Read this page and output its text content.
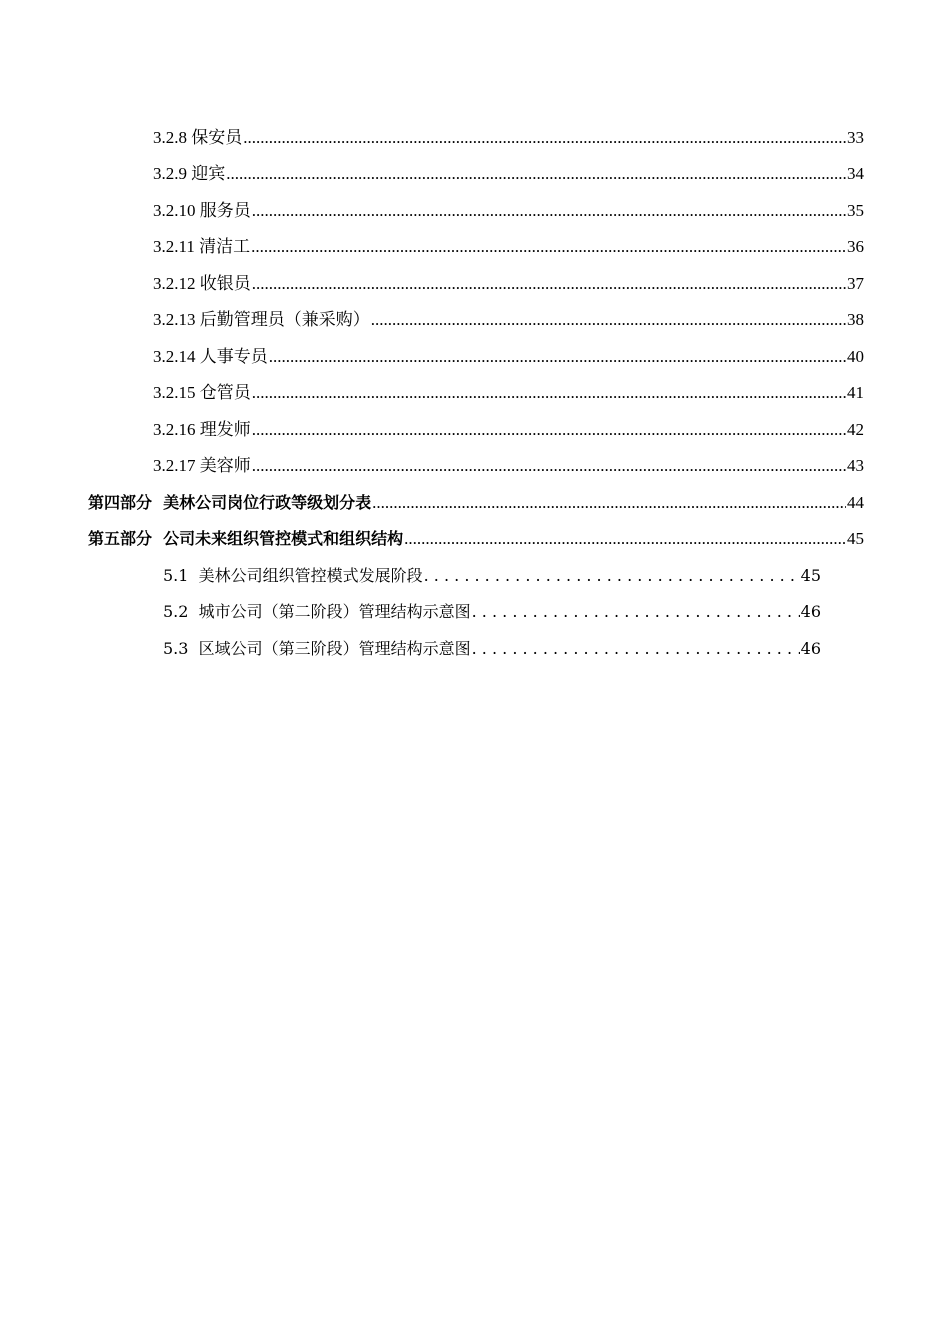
3.2.8 保安员 .....	33
3.2.9 迎宾 .....	34
3.2.10 服务员 .....	35
3.2.11 清洁工 .....	36
3.2.12 收银员 .....	37
3.2.13 后勤管理员（兼采购） .....	38
3.2.14 人事专员 .....	40
3.2.15 仓管员 .....	41
3.2.16 理发师 .....	42
3.2.17 美容师 .....	43
第四部分  美林公司岗位行政等级划分表 .....	44
第五部分  公司未来组织管控模式和组织结构 .....	45
5.1  美林公司组织管控模式发展阶段 . . .	45
5.2  城市公司（第二阶段）管理结构示意图 . . .	46
5.3  区域公司（第三阶段）管理结构示意图 . . .	46
